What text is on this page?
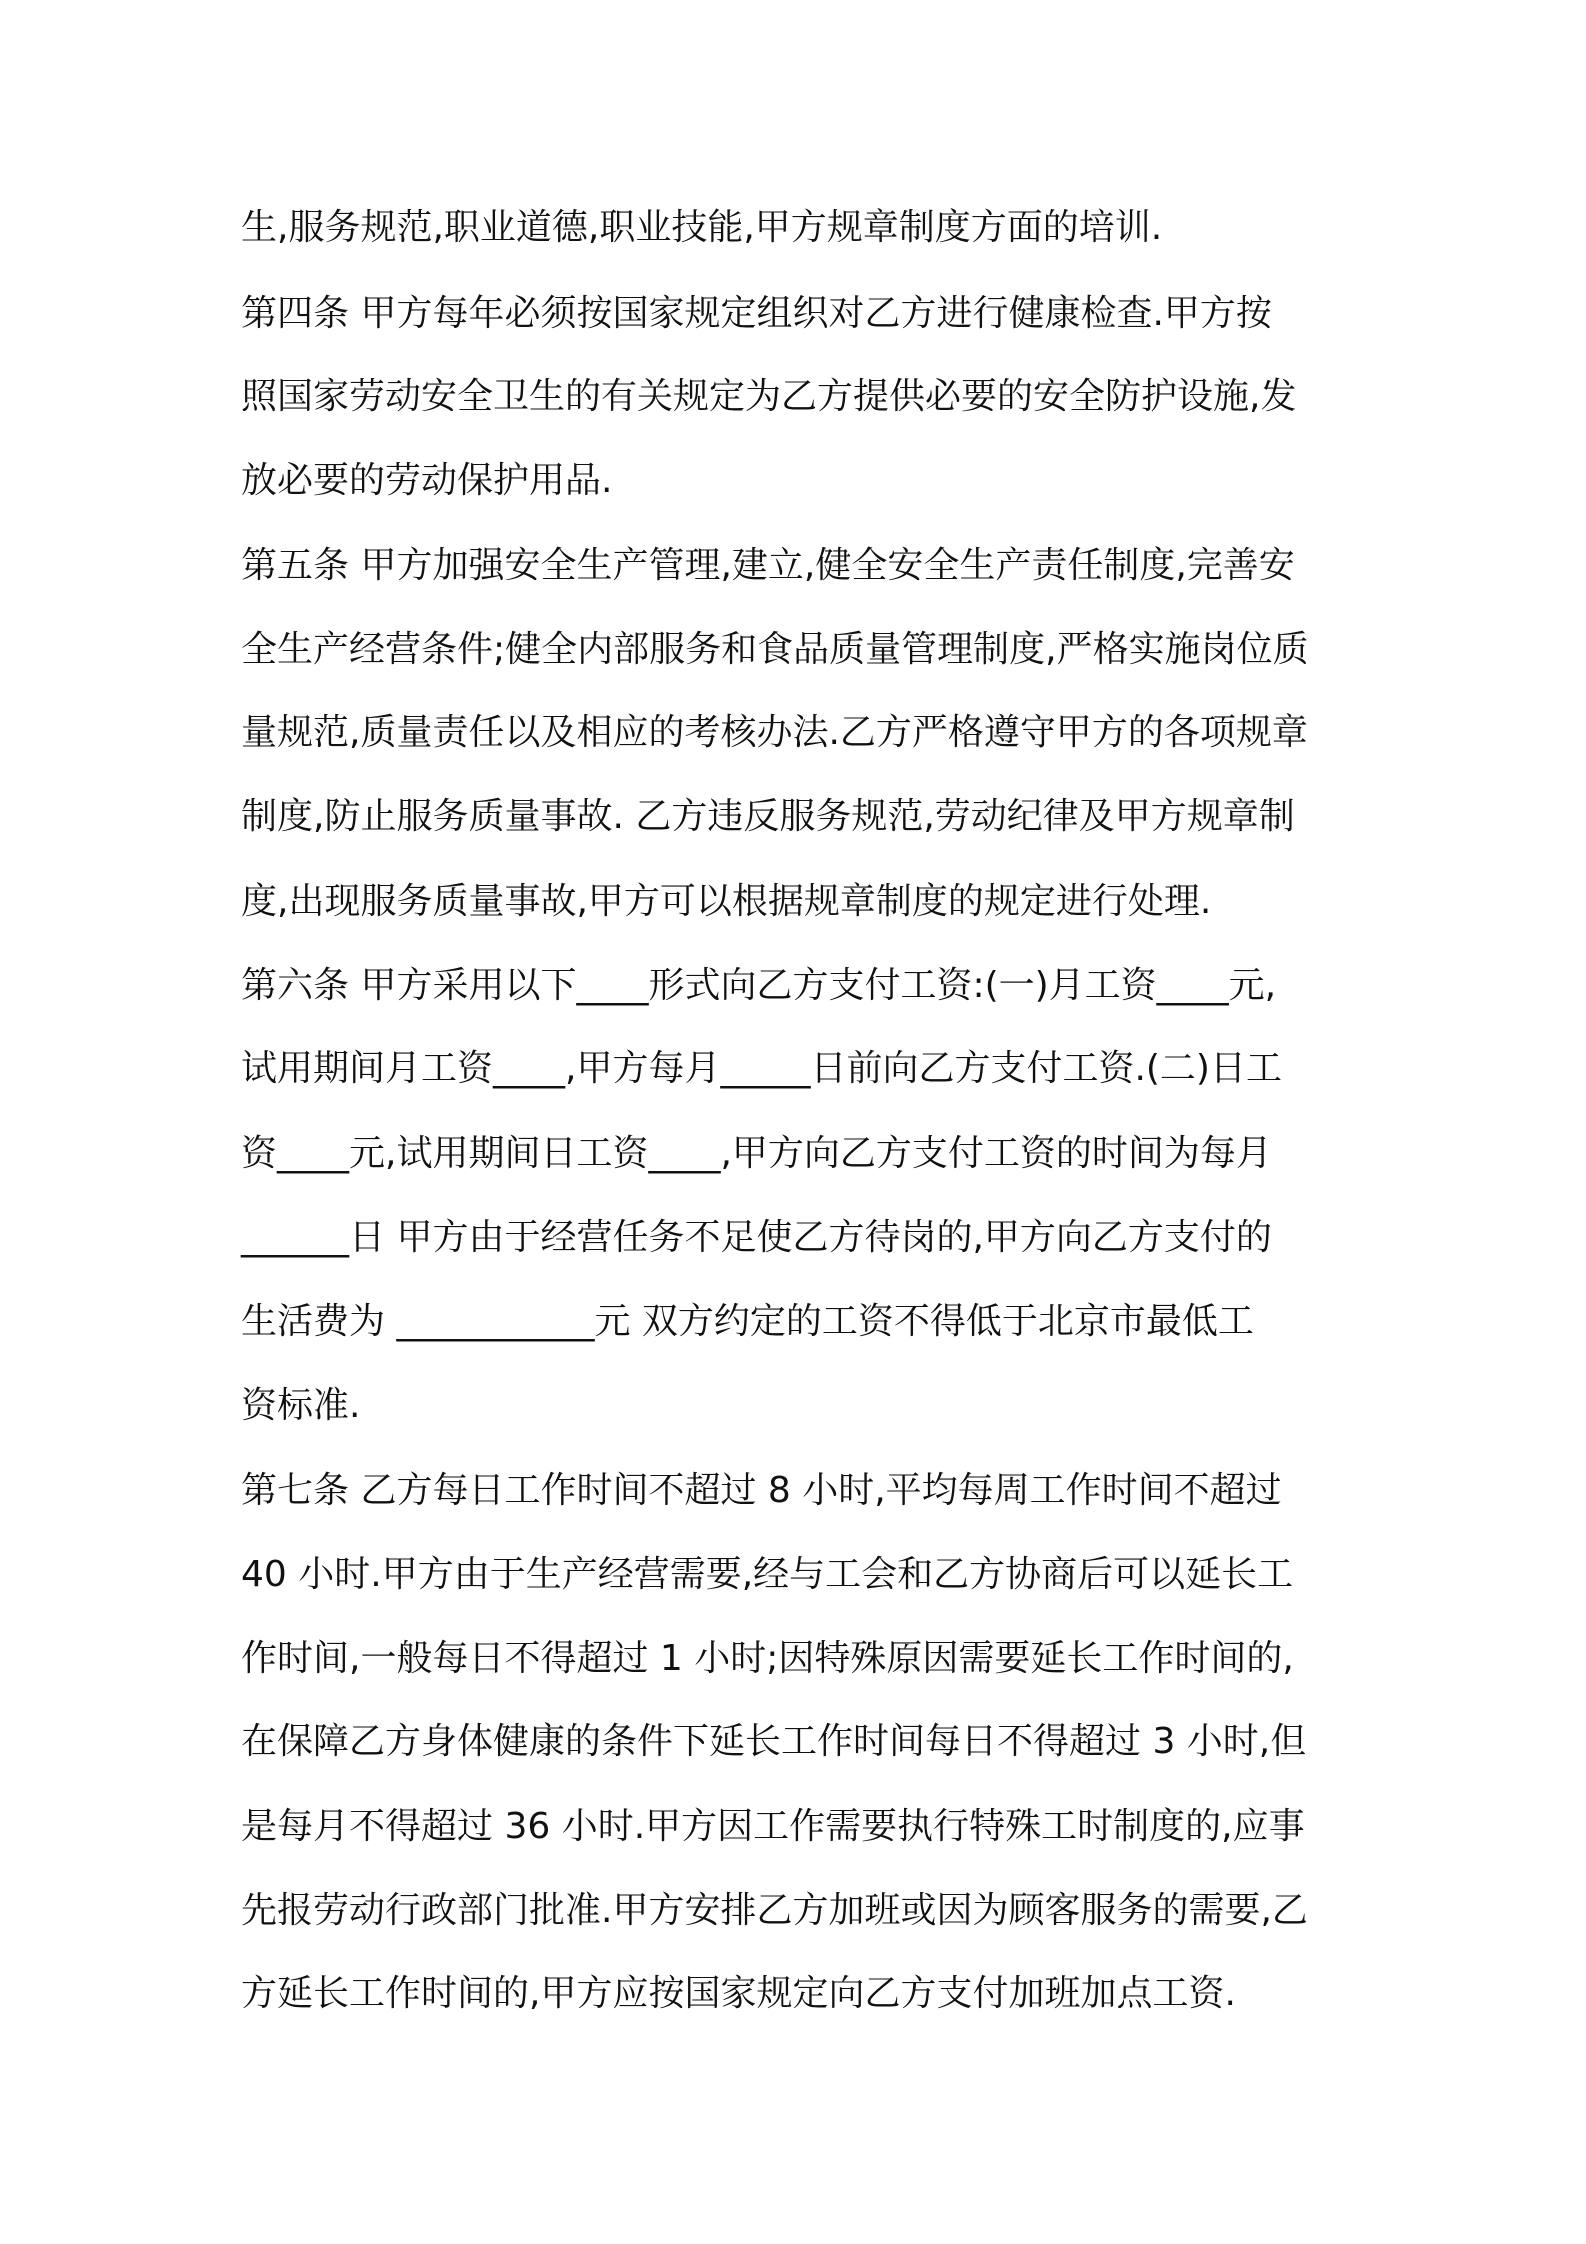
生,服务规范,职业道德,职业技能,甲方规章制度方面的培训.
第四条 甲方每年必须按国家规定组织对乙方进行健康检查.甲方按
照国家劳动安全卫生的有关规定为乙方提供必要的安全防护设施,发
放必要的劳动保护用品.
第五条 甲方加强安全生产管理,建立,健全安全生产责任制度,完善安
全生产经营条件;健全内部服务和食品质量管理制度,严格实施岗位质
量规范,质量责任以及相应的考核办法.乙方严格遵守甲方的各项规章
制度,防止服务质量事故. 乙方违反服务规范,劳动纪律及甲方规章制
度,出现服务质量事故,甲方可以根据规章制度的规定进行处理.
第六条 甲方采用以下____形式向乙方支付工资:(一)月工资____元,
试用期间月工资____,甲方每月_____日前向乙方支付工资.(二)日工
资____元,试用期间日工资____,甲方向乙方支付工资的时间为每月
______日 甲方由于经营任务不足使乙方待岗的,甲方向乙方支付的
生活费为 ___________元 双方约定的工资不得低于北京市最低工
资标准.
第七条 乙方每日工作时间不超过 8 小时,平均每周工作时间不超过
40 小时.甲方由于生产经营需要,经与工会和乙方协商后可以延长工
作时间,一般每日不得超过 1 小时;因特殊原因需要延长工作时间的,
在保障乙方身体健康的条件下延长工作时间每日不得超过 3 小时,但
是每月不得超过 36 小时.甲方因工作需要执行特殊工时制度的,应事
先报劳动行政部门批准.甲方安排乙方加班或因为顾客服务的需要,乙
方延长工作时间的,甲方应按国家规定向乙方支付加班加点工资.
